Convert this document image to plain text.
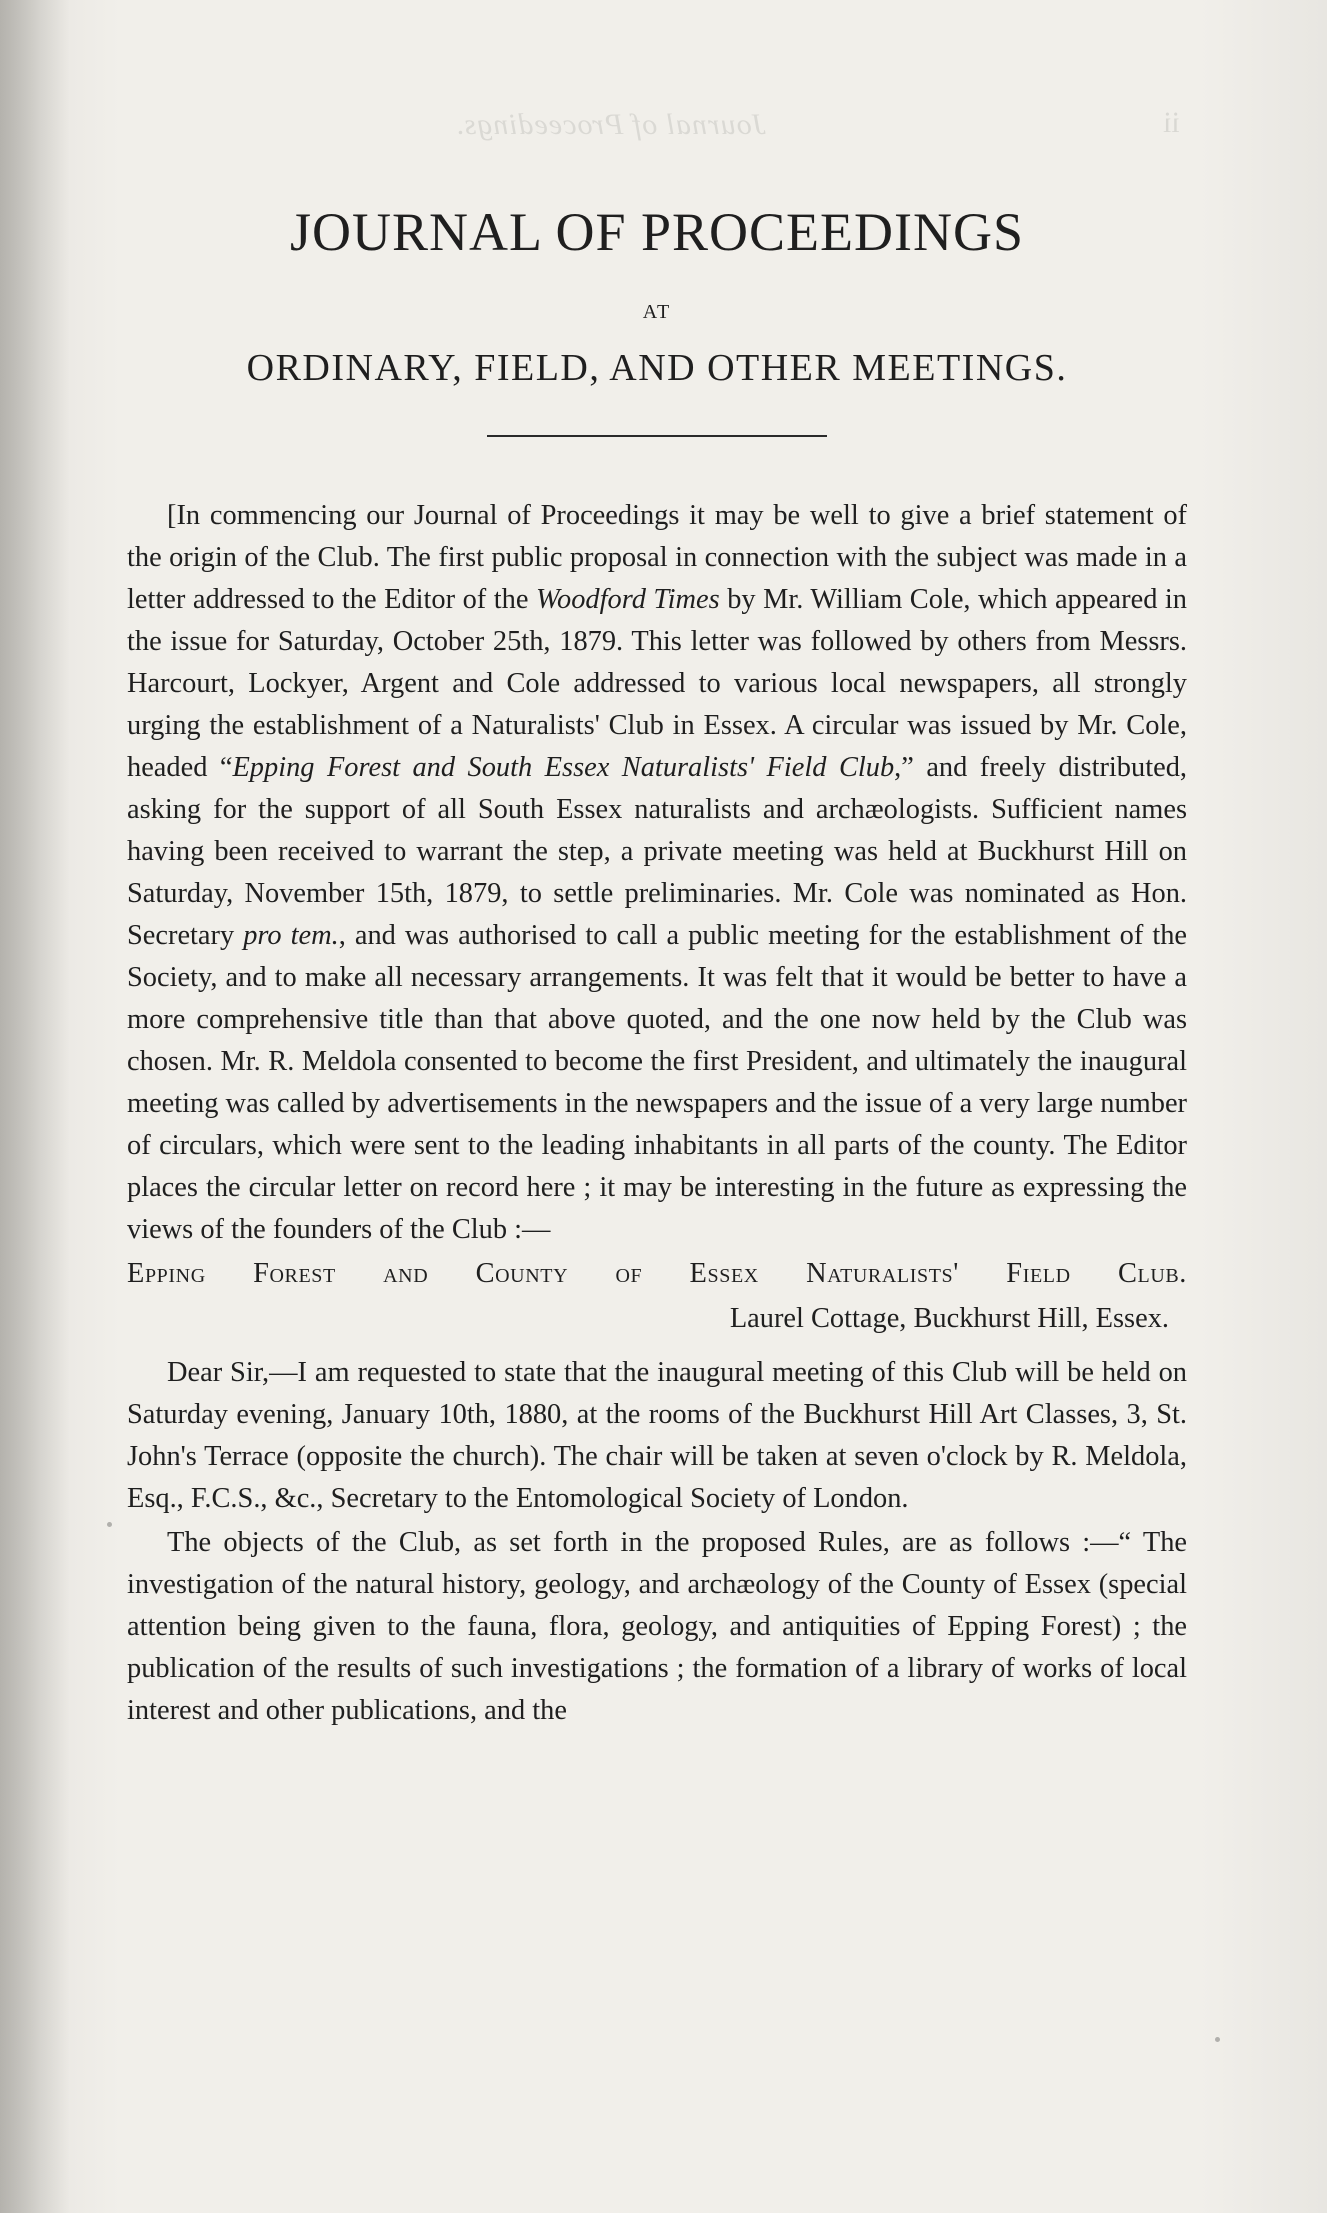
Journal of Proceedings.	ii
JOURNAL OF PROCEEDINGS
AT
ORDINARY, FIELD, AND OTHER MEETINGS.

[In commencing our Journal of Proceedings it may be well to give a brief statement of the origin of the Club. The first public proposal in connection with the subject was made in a letter addressed to the Editor of the Woodford Times by Mr. William Cole, which appeared in the issue for Saturday, October 25th, 1879. This letter was followed by others from Messrs. Harcourt, Lockyer, Argent and Cole addressed to various local newspapers, all strongly urging the establishment of a Naturalists' Club in Essex. A circular was issued by Mr. Cole, headed “Epping Forest and South Essex Naturalists' Field Club,” and freely distributed, asking for the support of all South Essex naturalists and archæologists. Sufficient names having been received to warrant the step, a private meeting was held at Buckhurst Hill on Saturday, November 15th, 1879, to settle preliminaries. Mr. Cole was nominated as Hon. Secretary pro tem., and was authorised to call a public meeting for the establishment of the Society, and to make all necessary arrangements. It was felt that it would be better to have a more comprehensive title than that above quoted, and the one now held by the Club was chosen. Mr. R. Meldola consented to become the first President, and ultimately the inaugural meeting was called by advertisements in the newspapers and the issue of a very large number of circulars, which were sent to the leading inhabitants in all parts of the county. The Editor places the circular letter on record here ; it may be interesting in the future as expressing the views of the founders of the Club :—

Epping Forest and County of Essex Naturalists' Field Club.
Laurel Cottage, Buckhurst Hill, Essex.

Dear Sir,—I am requested to state that the inaugural meeting of this Club will be held on Saturday evening, January 10th, 1880, at the rooms of the Buckhurst Hill Art Classes, 3, St. John's Terrace (opposite the church). The chair will be taken at seven o'clock by R. Meldola, Esq., F.C.S., &c., Secretary to the Entomological Society of London.

The objects of the Club, as set forth in the proposed Rules, are as follows :—“ The investigation of the natural history, geology, and archæology of the County of Essex (special attention being given to the fauna, flora, geology, and antiquities of Epping Forest) ; the publication of the results of such investigations ; the formation of a library of works of local interest and other publications, and the
